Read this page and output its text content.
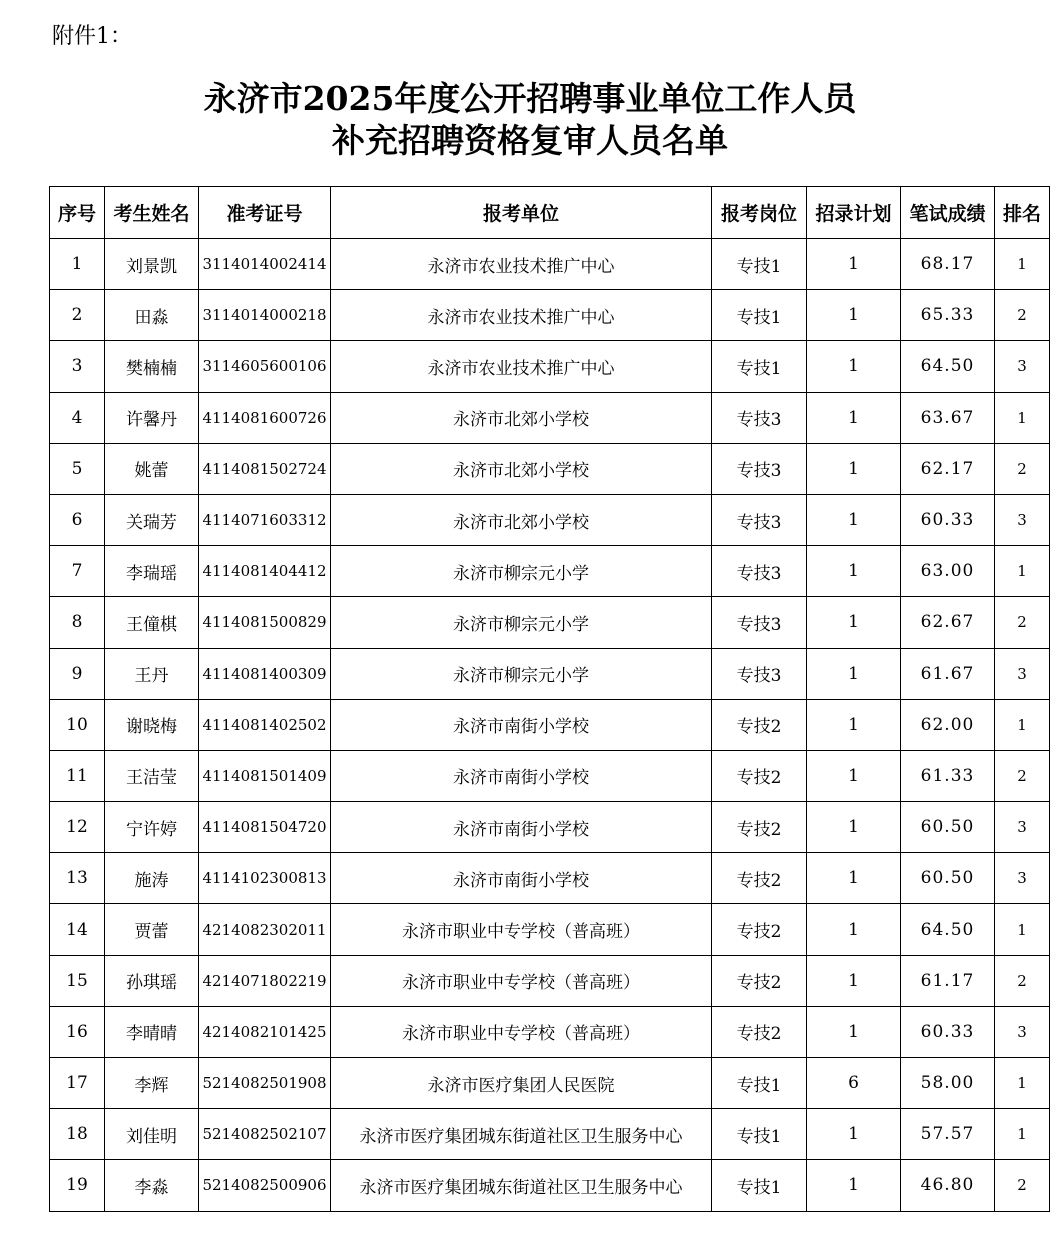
附件1：
永济市2025年度公开招聘事业单位工作人员
补充招聘资格复审人员名单
序号	考生姓名	准考证号	报考单位	报考岗位	招录计划	笔试成绩	排名
1	刘景凯	3114014002414	永济市农业技术推广中心	专技1	1	68.17	1
2	田淼	3114014000218	永济市农业技术推广中心	专技1	1	65.33	2
3	樊楠楠	3114605600106	永济市农业技术推广中心	专技1	1	64.50	3
4	许馨丹	4114081600726	永济市北郊小学校	专技3	1	63.67	1
5	姚蕾	4114081502724	永济市北郊小学校	专技3	1	62.17	2
6	关瑞芳	4114071603312	永济市北郊小学校	专技3	1	60.33	3
7	李瑞瑶	4114081404412	永济市柳宗元小学	专技3	1	63.00	1
8	王僮棋	4114081500829	永济市柳宗元小学	专技3	1	62.67	2
9	王丹	4114081400309	永济市柳宗元小学	专技3	1	61.67	3
10	谢晓梅	4114081402502	永济市南街小学校	专技2	1	62.00	1
11	王洁莹	4114081501409	永济市南街小学校	专技2	1	61.33	2
12	宁许婷	4114081504720	永济市南街小学校	专技2	1	60.50	3
13	施涛	4114102300813	永济市南街小学校	专技2	1	60.50	3
14	贾蕾	4214082302011	永济市职业中专学校（普高班）	专技2	1	64.50	1
15	孙琪瑶	4214071802219	永济市职业中专学校（普高班）	专技2	1	61.17	2
16	李晴晴	4214082101425	永济市职业中专学校（普高班）	专技2	1	60.33	3
17	李辉	5214082501908	永济市医疗集团人民医院	专技1	6	58.00	1
18	刘佳明	5214082502107	永济市医疗集团城东街道社区卫生服务中心	专技1	1	57.57	1
19	李淼	5214082500906	永济市医疗集团城东街道社区卫生服务中心	专技1	1	46.80	2
